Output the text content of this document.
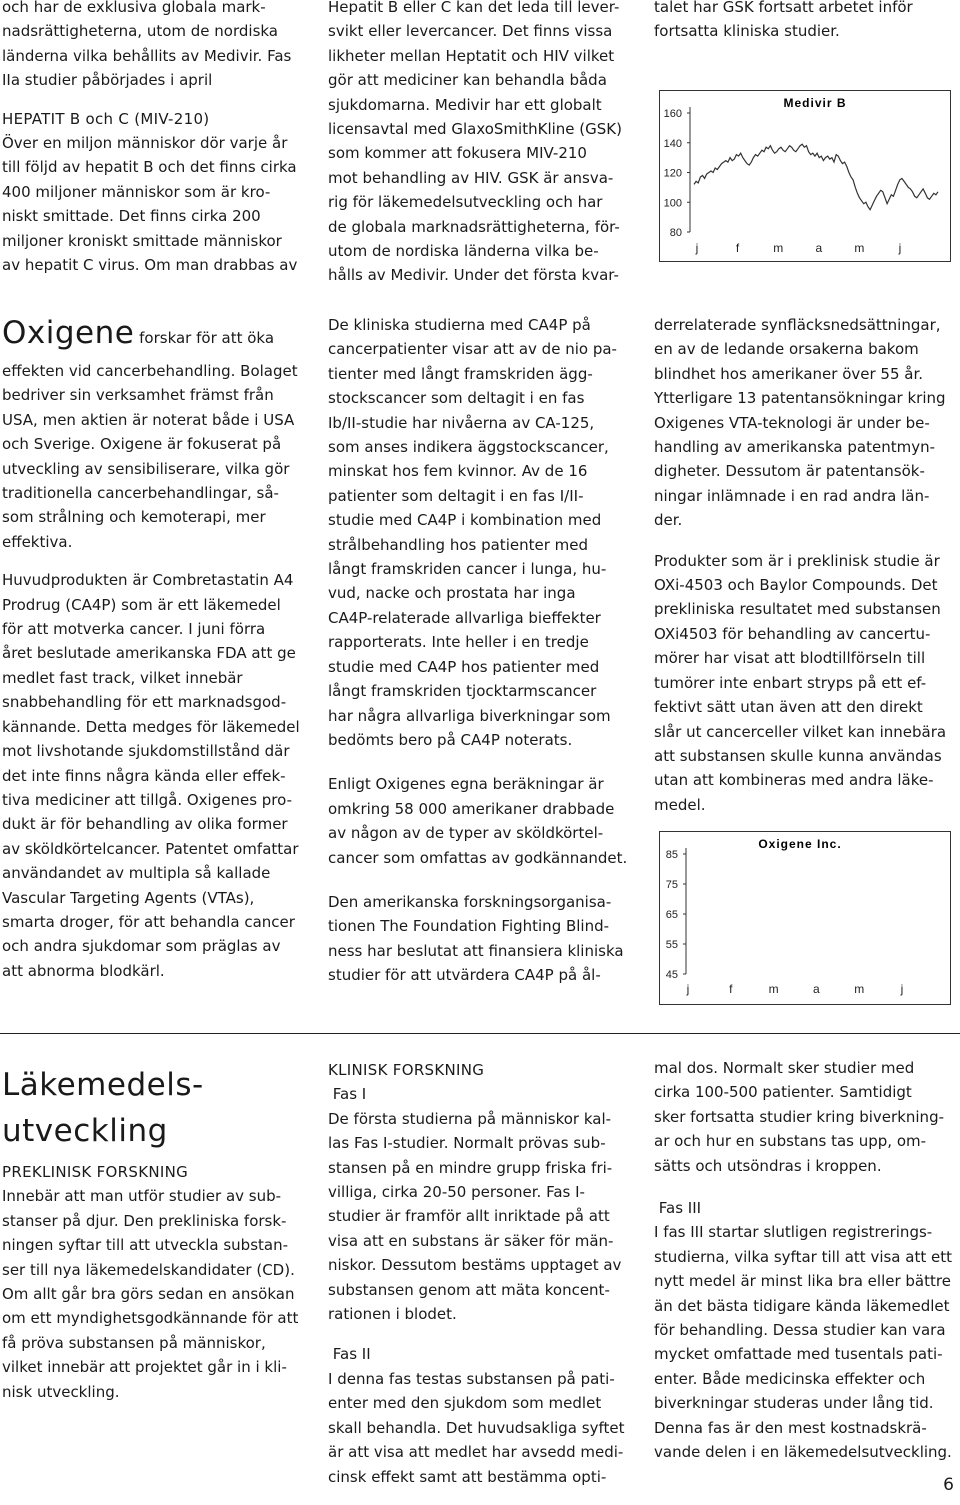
och har de exklusiva globala mark-
nadsrättigheterna, utom de nordiska
länderna vilka behållits av Medivir. Fas
IIa studier påbörjades i april

HEPATIT B och C (MIV-210)

Över en miljon människor dör varje år
till följd av hepatit B och det finns cirka
400 miljoner människor som är kro-
niskt smittade. Det finns cirka 200
miljoner kroniskt smittade människor
av hepatit C virus. Om man drabbas av

Hepatit B eller C kan det leda till lever-
svikt eller levercancer. Det finns vissa
likheter mellan Heptatit och HIV vilket
gör att mediciner kan behandla båda
sjukdomarna. Medivir har ett globalt
licensavtal med GlaxoSmithKline (GSK)
som kommer att fokusera MIV-210
mot behandling av HIV. GSK är ansva-
rig för läkemedelsutveckling och har
de globala marknadsrättigheterna, för-
utom de nordiska länderna vilka be-
hålls av Medivir. Under det första kvar-

talet har GSK fortsatt arbetet inför
fortsatta kliniska studier.

Medivir B
80
100
120
140
160
j	f	m	a	m	j
Oxigene forskar för att öka

effekten vid cancerbehandling. Bolaget
bedriver sin verksamhet främst från
USA, men aktien är noterat både i USA
och Sverige. Oxigene är fokuserat på
utveckling av sensibiliserare, vilka gör
traditionella cancerbehandlingar, så-
som strålning och kemoterapi, mer
effektiva.

Huvudprodukten är Combretastatin A4
Prodrug (CA4P) som är ett läkemedel
för att motverka cancer. I juni förra
året beslutade amerikanska FDA att ge
medlet fast track, vilket innebär
snabbehandling för ett marknadsgod-
kännande. Detta medges för läkemedel
mot livshotande sjukdomstillstånd där
det inte finns några kända eller effek-
tiva mediciner att tillgå. Oxigenes pro-
dukt är för behandling av olika former
av sköldkörtelcancer. Patentet omfattar
användandet av multipla så kallade
Vascular Targeting Agents (VTAs),
smarta droger, för att behandla cancer
och andra sjukdomar som präglas av
att abnorma blodkärl.

De kliniska studierna med CA4P på
cancerpatienter visar att av de nio pa-
tienter med långt framskriden ägg-
stockscancer som deltagit i en fas
Ib/II-studie har nivåerna av CA-125,
som anses indikera äggstockscancer,
minskat hos fem kvinnor. Av de 16
patienter som deltagit i en fas I/II-
studie med CA4P i kombination med
strålbehandling hos patienter med
långt framskriden cancer i lunga, hu-
vud, nacke och prostata har inga
CA4P-relaterade allvarliga bieffekter
rapporterats. Inte heller i en tredje
studie med CA4P hos patienter med
långt framskriden tjocktarmscancer
har några allvarliga biverkningar som
bedömts bero på CA4P noterats.

Enligt Oxigenes egna beräkningar är
omkring 58 000 amerikaner drabbade
av någon av de typer av sköldkörtel-
cancer som omfattas av godkännandet.

Den amerikanska forskningsorganisa-
tionen The Foundation Fighting Blind-
ness har beslutat att finansiera kliniska
studier för att utvärdera CA4P på ål-

derrelaterade synfläcksnedsättningar,
en av de ledande orsakerna bakom
blindhet hos amerikaner över 55 år.
Ytterligare 13 patentansökningar kring
Oxigenes VTA-teknologi är under be-
handling av amerikanska patentmyn-
digheter. Dessutom är patentansök-
ningar inlämnade i en rad andra län-
der.

Produkter som är i preklinisk studie är
OXi-4503 och Baylor Compounds. Det
prekliniska resultatet med substansen
OXi4503 för behandling av cancertu-
mörer har visat att blodtillförseln till
tumörer inte enbart stryps på ett ef-
fektivt sätt utan även att den direkt
slår ut cancerceller vilket kan innebära
att substansen skulle kunna användas
utan att kombineras med andra läke-
medel.

Oxigene Inc.
45
55
65
75
85
j	f	m	a	m	j
Läkemedels-
utveckling

PREKLINISK FORSKNING

Innebär att man utför studier av sub-
stanser på djur. Den prekliniska forsk-
ningen syftar till att utveckla substan-
ser till nya läkemedelskandidater (CD).
Om allt går bra görs sedan en ansökan
om ett myndighetsgodkännande för att
få pröva substansen på människor,
vilket innebär att projektet går in i kli-
nisk utveckling.

KLINISK FORSKNING

Fas I

De första studierna på människor kal-
las Fas I-studier. Normalt prövas sub-
stansen på en mindre grupp friska fri-
villiga, cirka 20-50 personer. Fas I-
studier är framför allt inriktade på att
visa att en substans är säker för män-
niskor. Dessutom bestäms upptaget av
substansen genom att mäta koncent-
rationen i blodet.

Fas II

I denna fas testas substansen på pati-
enter med den sjukdom som medlet
skall behandla. Det huvudsakliga syftet
är att visa att medlet har avsedd medi-
cinsk effekt samt att bestämma opti-

mal dos. Normalt sker studier med
cirka 100-500 patienter. Samtidigt
sker fortsatta studier kring biverkning-
ar och hur en substans tas upp, om-
sätts och utsöndras i kroppen.

Fas III

I fas III startar slutligen registrerings-
studierna, vilka syftar till att visa att ett
nytt medel är minst lika bra eller bättre
än det bästa tidigare kända läkemedlet
för behandling. Dessa studier kan vara
mycket omfattade med tusentals pati-
enter. Både medicinska effekter och
biverkningar studeras under lång tid.
Denna fas är den mest kostnadskrä-
vande delen i en läkemedelsutveckling.

6
